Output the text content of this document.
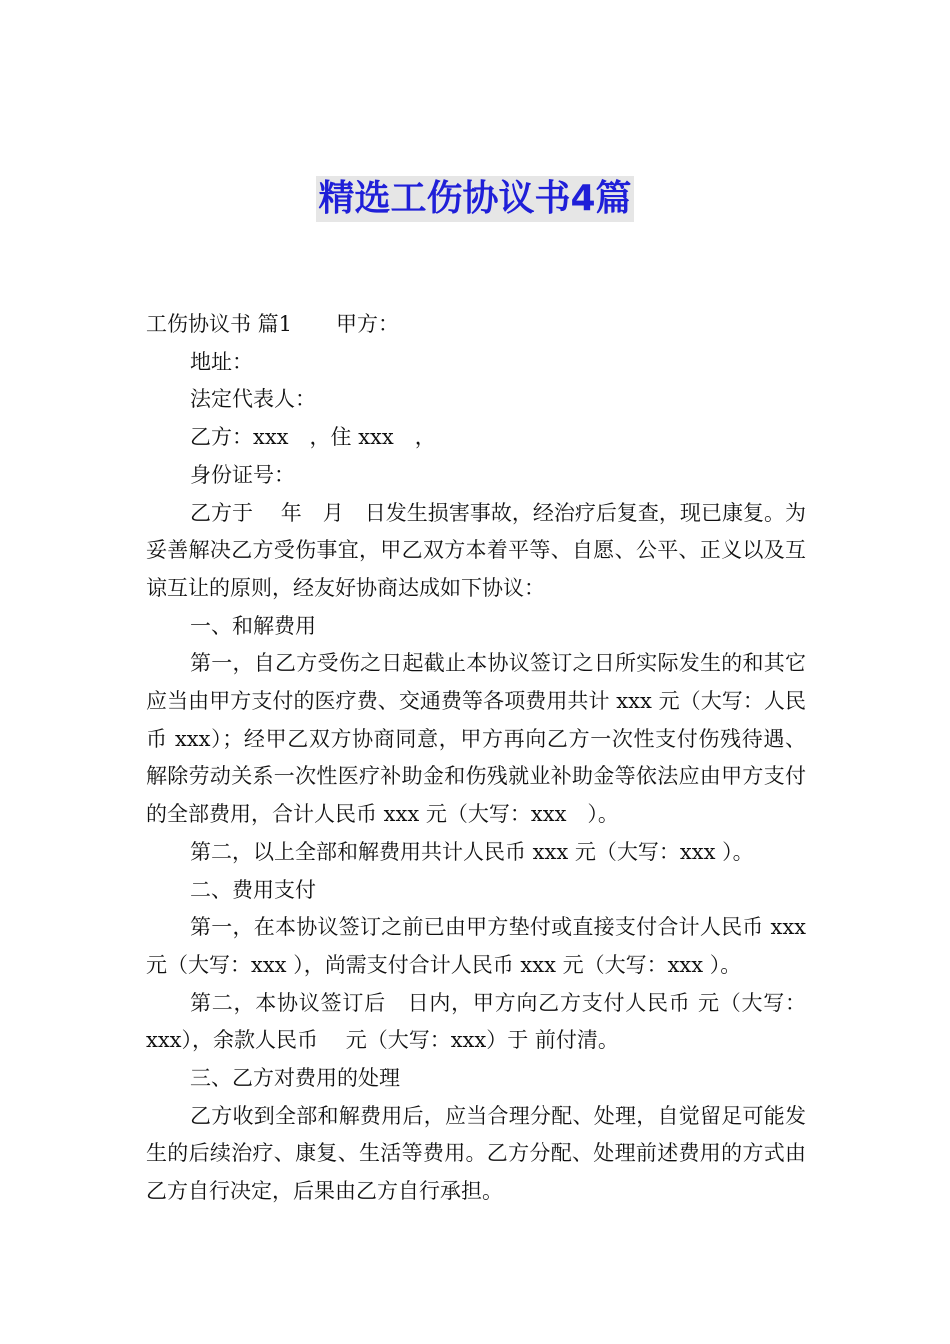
精选工伤协议书4篇

工伤协议书 篇1 甲方：

地址：

法定代表人：

乙方：xxx　，住 xxx　，

身份证号：

乙方于　 年　月　日发生损害事故，经治疗后复查，现已康复。为妥善解决乙方受伤事宜，甲乙双方本着平等、自愿、公平、正义以及互谅互让的原则，经友好协商达成如下协议：

一、和解费用

第一，自乙方受伤之日起截止本协议签订之日所实际发生的和其它应当由甲方支付的医疗费、交通费等各项费用共计 xxx 元（大写：人民币 xxx）；经甲乙双方协商同意，甲方再向乙方一次性支付伤残待遇、解除劳动关系一次性医疗补助金和伤残就业补助金等依法应由甲方支付的全部费用，合计人民币 xxx 元（大写：xxx　）。

第二，以上全部和解费用共计人民币 xxx 元（大写：xxx ）。

二、费用支付

第一，在本协议签订之前已由甲方垫付或直接支付合计人民币 xxx 元（大写：xxx ），尚需支付合计人民币 xxx 元（大写：xxx ）。

第二，本协议签订后　日内，甲方向乙方支付人民币 元（大写：xxx），余款人民币　 元（大写：xxx）于 前付清。

三、乙方对费用的处理

乙方收到全部和解费用后，应当合理分配、处理，自觉留足可能发生的后续治疗、康复、生活等费用。乙方分配、处理前述费用的方式由乙方自行决定，后果由乙方自行承担。
